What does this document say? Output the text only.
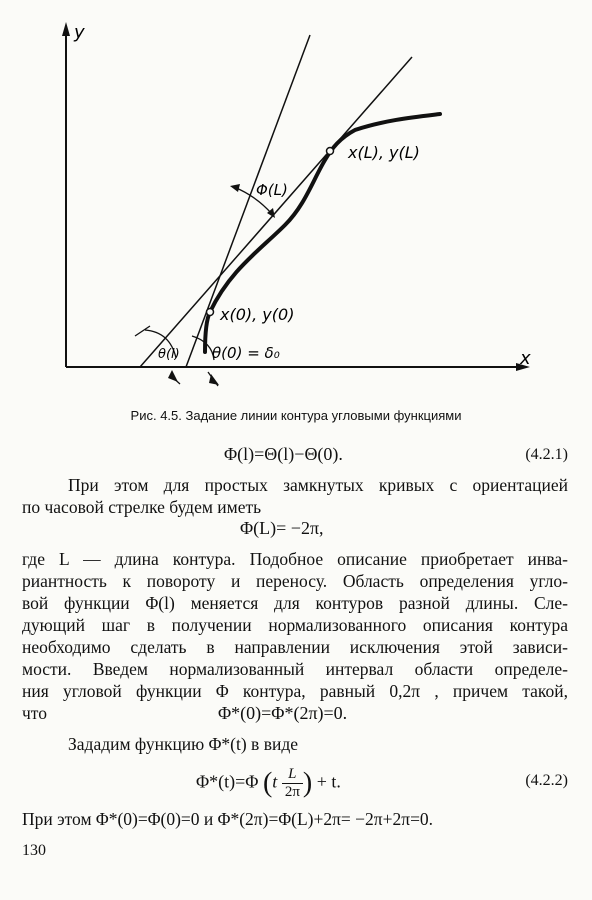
y
x
x(L), y(L)
x(0), y(0)
Φ(L)
θ(l) θ(0) = δ₀
Рис. 4.5. Задание линии контура угловыми функциями
Φ(l)=Θ(l)−Θ(0).	(4.2.1)
При этом для простых замкнутых кривых с ориентацией
по часовой стрелке будем иметь
Φ(L)= −2π,
где L — длина контура. Подобное описание приобретает инва-
риантность к повороту и переносу. Область определения угло-
вой функции Φ(l) меняется для контуров разной длины. Сле-
дующий шаг в получении нормализованного описания контура
необходимо сделать в направлении исключения этой зависи-
мости. Введем нормализованный интервал области определе-
ния угловой функции Φ контура, равный 0,2π , причем такой,
что	Φ*(0)=Φ*(2π)=0.
Зададим функцию Φ*(t) в виде
Φ*(t)=Φ ($t \frac{L}{2\pi}$ ) + t.	(4.2.2)
При этом Φ*(0)=Φ(0)=0 и Φ*(2π)=Φ(L)+2π= −2π+2π=0.
130
